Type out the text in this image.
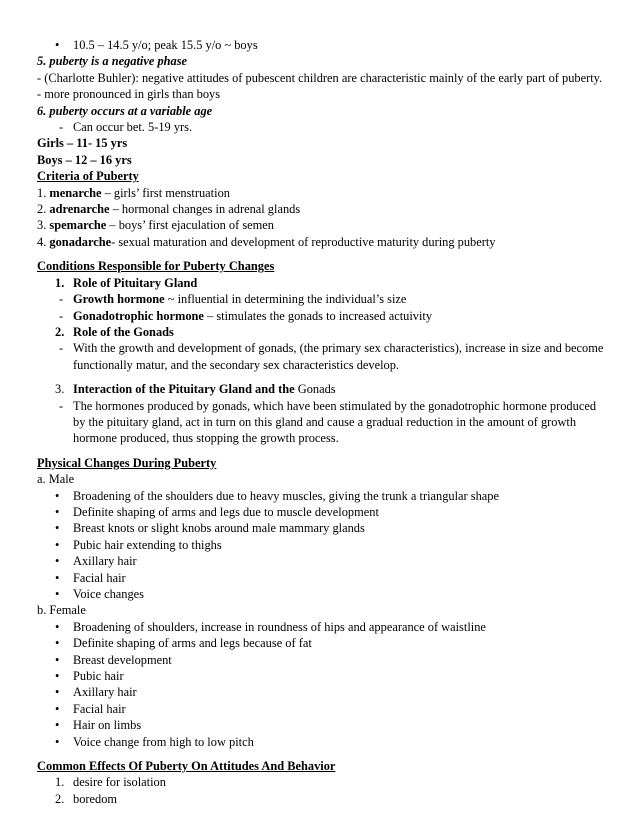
• 10.5 – 14.5 y/o; peak 15.5 y/o ~ boys
5. puberty is a negative phase
- (Charlotte Buhler): negative attitudes of pubescent children are characteristic mainly of the early part of puberty.
- more pronounced in girls than boys
6. puberty occurs at a variable age
- Can occur bet. 5-19 yrs.
Girls – 11- 15 yrs
Boys – 12 – 16 yrs
Criteria of Puberty
1. menarche – girls’ first menstruation
2. adrenarche – hormonal changes in adrenal glands
3. spemarche – boys’ first ejaculation of semen
4. gonadarche- sexual maturation and development of reproductive maturity during puberty
Conditions Responsible for Puberty Changes
1. Role of Pituitary Gland
- Growth hormone ~ influential in determining the individual’s size
- Gonadotrophic hormone – stimulates the gonads to increased actuivity
2. Role of the Gonads
- With the growth and development of gonads, (the primary sex characteristics), increase in size and become functionally matur, and the secondary sex characteristics develop.
3. Interaction of the Pituitary Gland and the Gonads
- The hormones produced by gonads, which have been stimulated by the gonadotrophic hormone produced by the pituitary gland, act in turn on this gland and cause a gradual reduction in the amount of growth hormone produced, thus stopping the growth process.
Physical Changes During Puberty
a. Male
• Broadening of the shoulders due to heavy muscles, giving the trunk a triangular shape
• Definite shaping of arms and legs due to muscle development
• Breast knots or slight knobs around male mammary glands
• Pubic hair extending to thighs
• Axillary hair
• Facial hair
• Voice changes
b. Female
• Broadening of shoulders, increase in roundness of hips and appearance of waistline
• Definite shaping of arms and legs because of fat
• Breast development
• Pubic hair
• Axillary hair
• Facial hair
• Hair on limbs
• Voice change from high to low pitch
Common Effects Of Puberty On Attitudes And Behavior
1. desire for isolation
2. boredom
